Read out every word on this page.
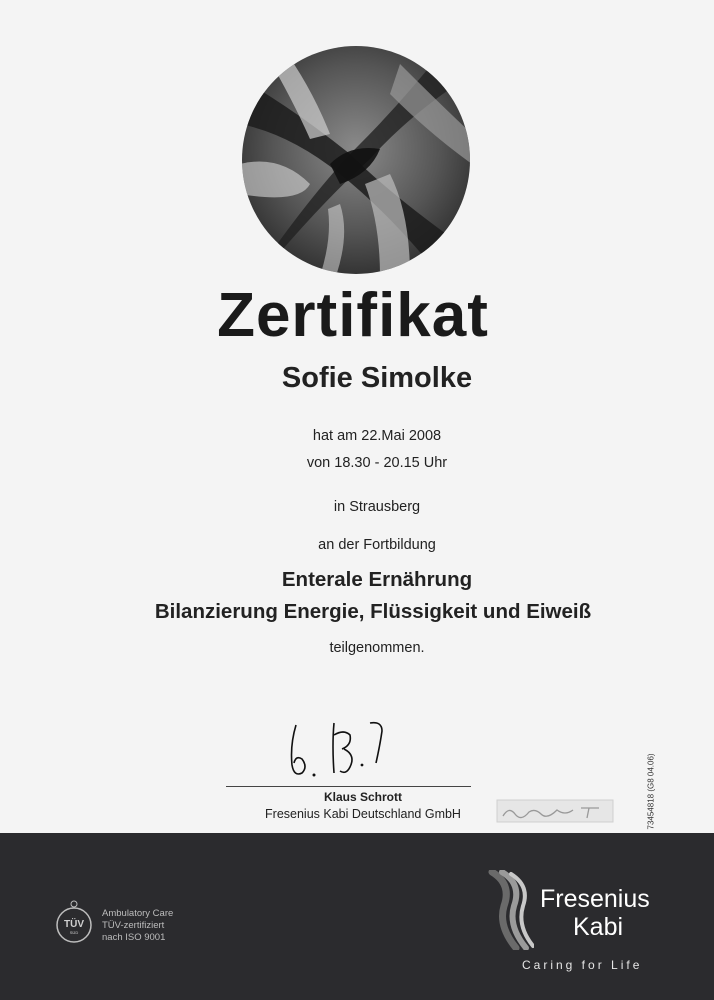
Zertifikat
Sofie Simolke
hat am 22.Mai 2008
von 18.30 - 20.15 Uhr
in Strausberg
an der Fortbildung
Enterale Ernährung
Bilanzierung Energie, Flüssigkeit und Eiweiß
teilgenommen.
Klaus Schrott
Fresenius Kabi Deutschland GmbH	73454818 (G8 04.06)
TÜV
SÜD
Ambulatory Care
TÜV-zertifiziert
nach ISO 9001
Fresenius
Kabi
Caring for Life
